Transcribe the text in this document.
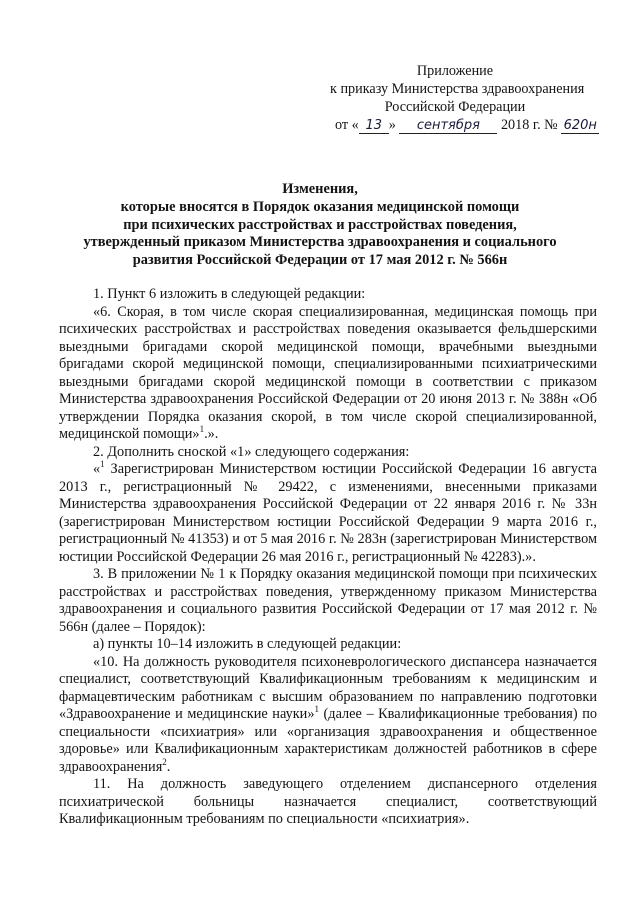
Приложение
к приказу Министерства здравоохранения
Российской Федерации
от « 13 » сентября 2018 г. № 620н
Изменения,
которые вносятся в Порядок оказания медицинской помощи
при психических расстройствах и расстройствах поведения,
утвержденный приказом Министерства здравоохранения и социального
развития Российской Федерации от 17 мая 2012 г. № 566н

1. Пункт 6 изложить в следующей редакции:

«6. Скорая, в том числе скорая специализированная, медицинская помощь при психических расстройствах и расстройствах поведения оказывается фельдшерскими выездными бригадами скорой медицинской помощи, врачебными выездными бригадами скорой медицинской помощи, специализированными психиатрическими выездными бригадами скорой медицинской помощи в соответствии с приказом Министерства здравоохранения Российской Федерации от 20 июня 2013 г. № 388н «Об утверждении Порядка оказания скорой, в том числе скорой специализированной, медицинской помощи»$^1$.».

2. Дополнить сноской «1» следующего содержания:

«$^1$ Зарегистрирован Министерством юстиции Российской Федерации 16 августа 2013 г., регистрационный № 29422, с изменениями, внесенными приказами Министерства здравоохранения Российской Федерации от 22 января 2016 г. № 33н (зарегистрирован Министерством юстиции Российской Федерации 9 марта 2016 г., регистрационный № 41353) и от 5 мая 2016 г. № 283н (зарегистрирован Министерством юстиции Российской Федерации 26 мая 2016 г., регистрационный № 42283).».

3. В приложении № 1 к Порядку оказания медицинской помощи при психических расстройствах и расстройствах поведения, утвержденному приказом Министерства здравоохранения и социального развития Российской Федерации от 17 мая 2012 г. № 566н (далее – Порядок):

а) пункты 10–14 изложить в следующей редакции:

«10. На должность руководителя психоневрологического диспансера назначается специалист, соответствующий Квалификационным требованиям к медицинским и фармацевтическим работникам с высшим образованием по направлению подготовки «Здравоохранение и медицинские науки»$^1$ (далее – Квалификационные требования) по специальности «психиатрия» или «организация здравоохранения и общественное здоровье» или Квалификационным характеристикам должностей работников в сфере здравоохранения$^2$.

11. На должность заведующего отделением диспансерного отделения психиатрической больницы назначается специалист, соответствующий Квалификационным требованиям по специальности «психиатрия».
